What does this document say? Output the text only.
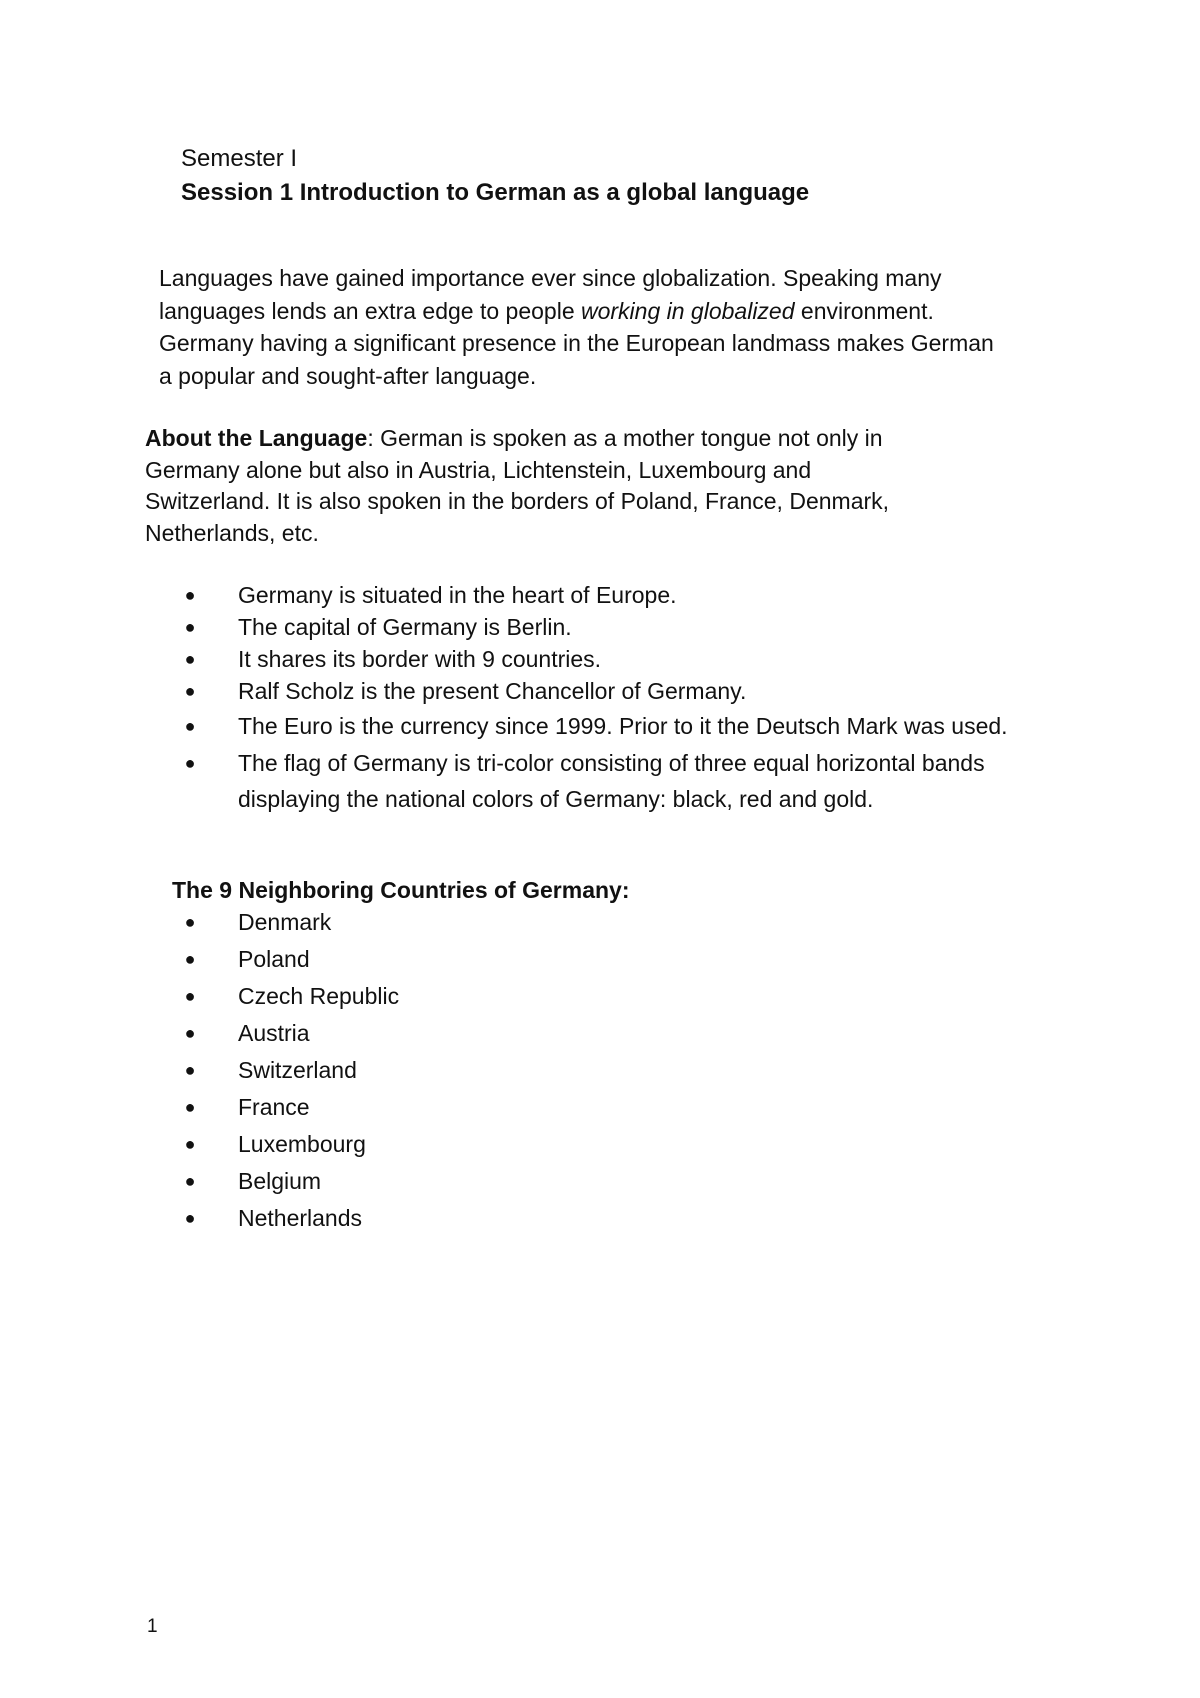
Semester I
Session 1 Introduction to German as a global language
Languages have gained importance ever since globalization. Speaking many
languages lends an extra edge to people working in globalized environment.
Germany having a significant presence in the European landmass makes German
a popular and sought-after language.
About the Language: German is spoken as a mother tongue not only in
Germany alone but also in Austria, Lichtenstein, Luxembourg and
Switzerland. It is also spoken in the borders of Poland, France, Denmark,
Netherlands, etc.
● Germany is situated in the heart of Europe.
● The capital of Germany is Berlin.
● It shares its border with 9 countries.
● Ralf Scholz is the present Chancellor of Germany.
● The Euro is the currency since 1999. Prior to it the Deutsch Mark was used.
● The flag of Germany is tri-color consisting of three equal horizontal bands
displaying the national colors of Germany: black, red and gold.
The 9 Neighboring Countries of Germany:
● Denmark
● Poland
● Czech Republic
● Austria
● Switzerland
● France
● Luxembourg
● Belgium
● Netherlands
1
